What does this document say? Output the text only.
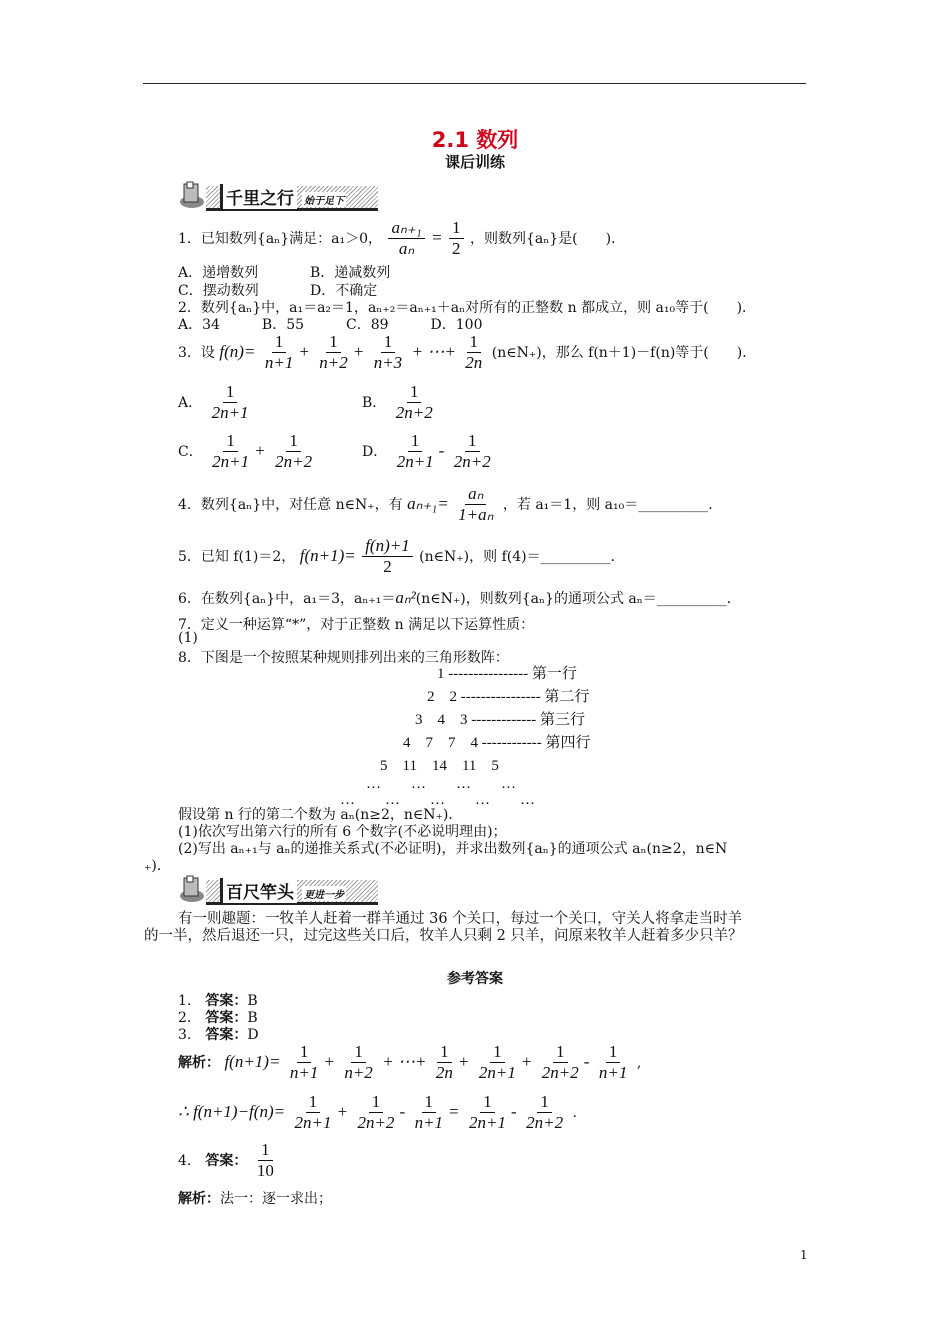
2.1 数列
课后训练
千里之行	始于足下
1．已知数列{aₙ}满足：a₁＞0， $\frac{\text{aₙ₊₁}}{\text{aₙ}} = \frac{1}{2}$ ，则数列{aₙ}是(　　)．
A．递增数列	B．递减数列
C．摆动数列	D．不确定
2．数列{aₙ}中，a₁＝a₂＝1，aₙ₊₂＝aₙ₊₁＋aₙ对所有的正整数 n 都成立，则 a₁₀等于(　　)．
A．34　　　B．55　　　C．89　　　D．100
3．设 $f(n)= \frac{1}{n+1} + \frac{1}{n+2} + \frac{1}{n+3}$ + ⋯+ $\frac{1}{2n}$ (n∈N₊)，那么 f(n＋1)－f(n)等于(　　)．
A． $\frac{1}{2n+1}$	B． $\frac{1}{2n+2}$
C． $\frac{1}{2n+1} + \frac{1}{2n+2}$	D． $\frac{1}{2n+1} - \frac{1}{2n+2}$
4．数列{aₙ}中，对任意 n∈N₊，有 $a_{n+1}= \frac{\text{aₙ}}{\text{1+aₙ}}$ ，若 a₁＝1，则 a₁₀＝__________．
5．已知 f(1)＝2， $f(n+1)= \frac{f(n)+1}{2}$ (n∈N₊)，则 f(4)＝__________．
6．在数列{aₙ}中，a₁＝3，aₙ₊₁＝aₙ²(n∈N₊)，则数列{aₙ}的通项公式 aₙ＝__________．
7．定义一种运算“*”，对于正整数 n 满足以下运算性质：
(1)
8．下图是一个按照某种规则排列出来的三角形数阵：
1 ---------------- 第一行
2　2 ---------------- 第二行
3　4　3 ------------- 第三行
4　7　7　4 ------------ 第四行
5　11　14　11　5
…　　…　　…　　…
…　　…　　…　　…　　…
假设第 n 行的第二个数为 aₙ(n≥2，n∈N₊)．
(1)依次写出第六行的所有 6 个数字(不必说明理由)；
(2)写出 aₙ₊₁与 aₙ的递推关系式(不必证明)，并求出数列{aₙ}的通项公式 aₙ(n≥2，n∈N
₊)．
百尺竿头	更进一步
有一则趣题：一牧羊人赶着一群羊通过 36 个关口，每过一个关口，守关人将拿走当时羊
的一半，然后退还一只，过完这些关口后，牧羊人只剩 2 只羊，问原来牧羊人赶着多少只羊？
参考答案
1.　 答案：B
2.　 答案：B
3.　 答案：D
解析： $f(n+1)= \frac{1}{n+1} + \frac{1}{n+2}$ + ⋯+ $\frac{1}{2n} + \frac{1}{2n+1} + \frac{1}{2n+2} - \frac{1}{n+1}$ ,
∴ $f(n+1)-f(n)= \frac{1}{2n+1} + \frac{1}{2n+2} - \frac{1}{n+1} = \frac{1}{2n+1} - \frac{1}{2n+2}$ .
4.　 答案： $\frac{1}{10}$
解析：法一：逐一求出；
1
